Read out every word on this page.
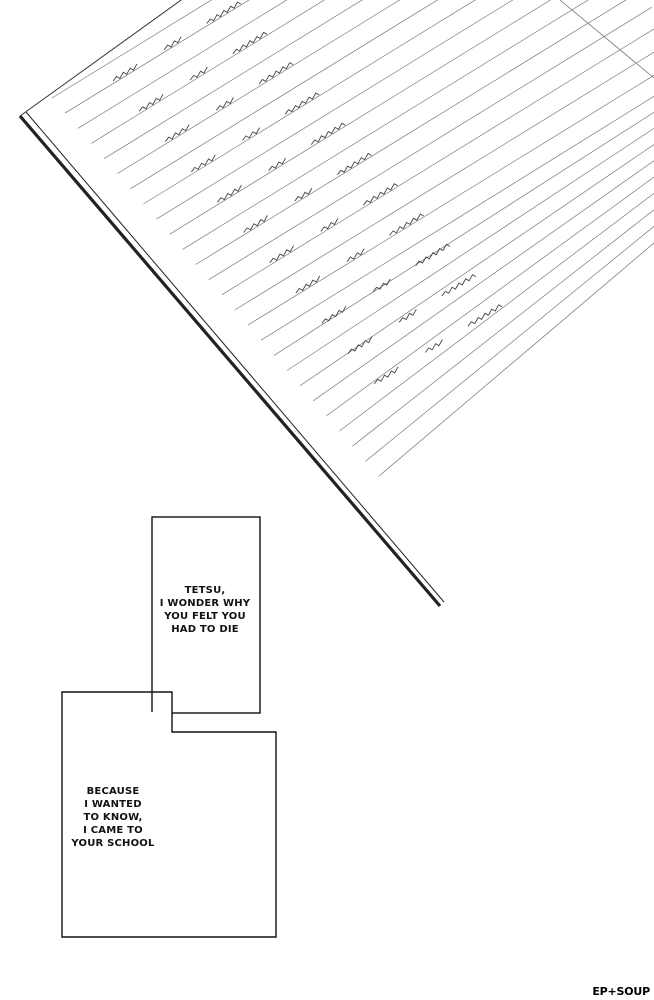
TETSU,
I WONDER WHY
YOU FELT YOU
HAD TO DIE
BECAUSE
I WANTED
TO KNOW,
I CAME TO
YOUR SCHOOL
EP+SOUP
